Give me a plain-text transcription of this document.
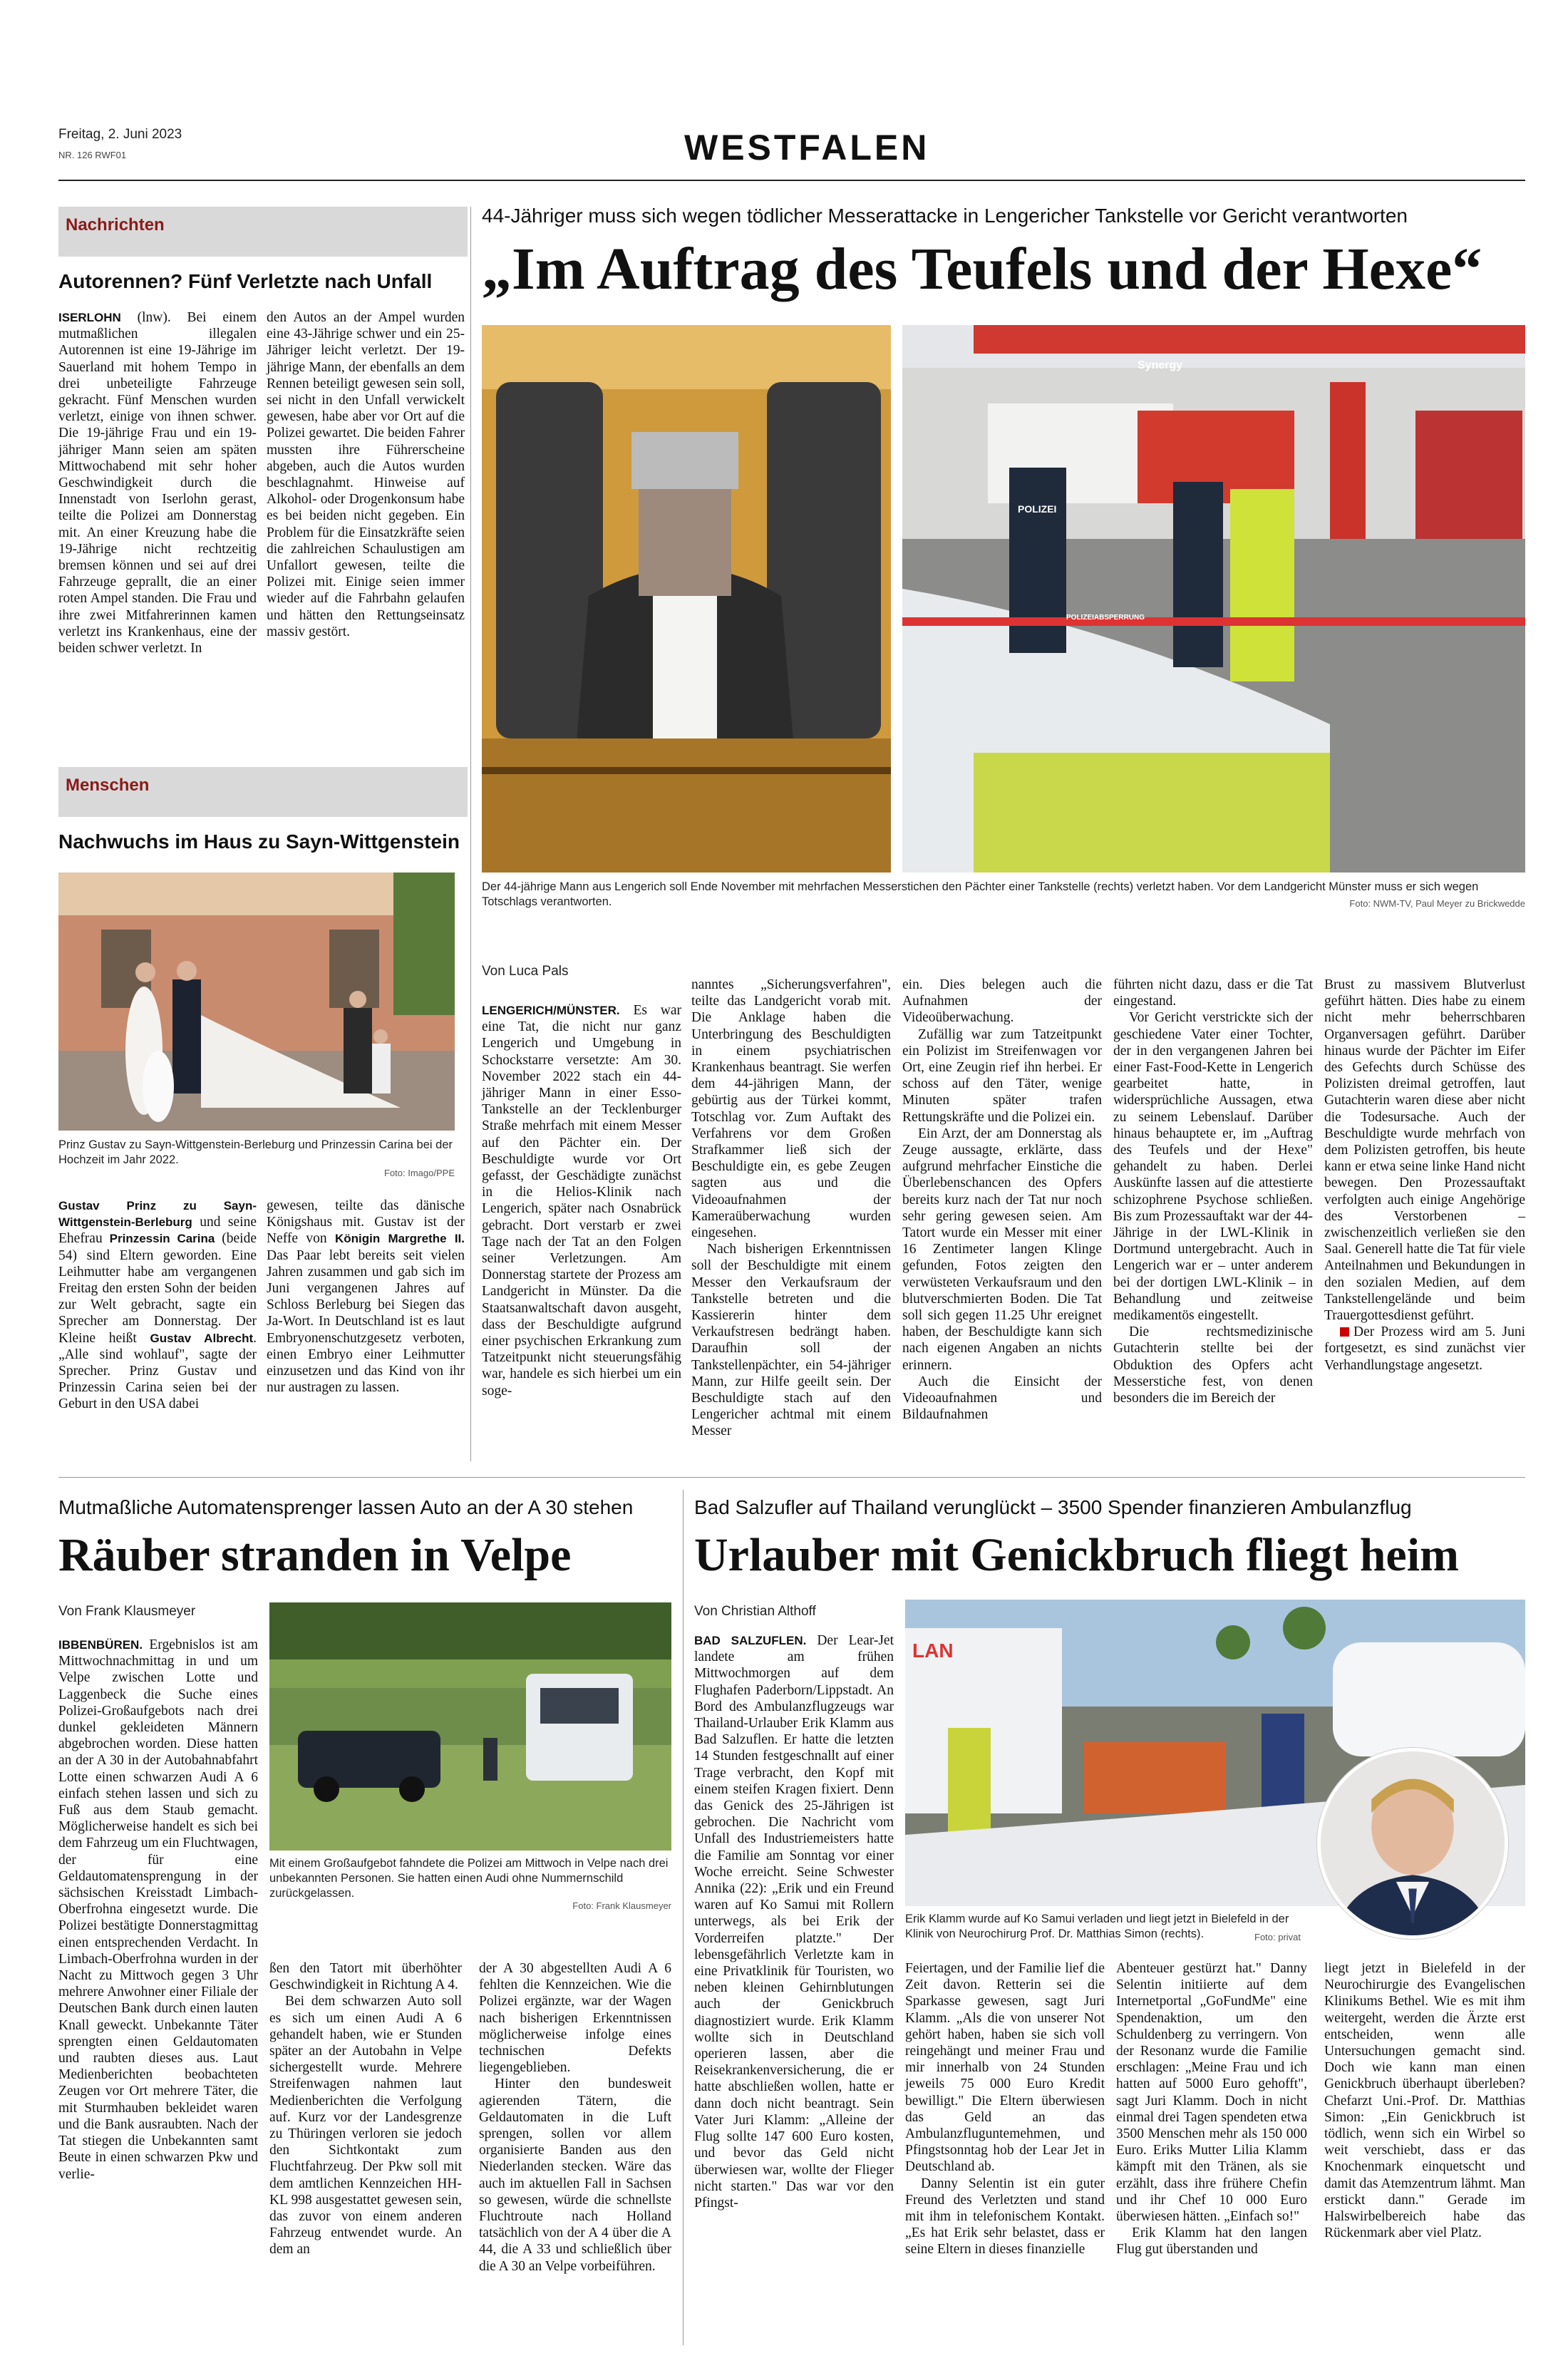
Freitag, 2. Juni 2023
NR. 126 RWF01	WESTFALEN
Nachrichten
Autorennen? Fünf Verletzte nach Unfall

ISERLOHN (lnw). Bei einem mutmaßlichen illegalen Autorennen ist eine 19-Jährige im Sauerland mit hohem Tempo in drei unbeteiligte Fahrzeuge gekracht. Fünf Menschen wurden verletzt, einige von ihnen schwer. Die 19-jährige Frau und ein 19-jähriger Mann seien am späten Mittwochabend mit sehr hoher Geschwindigkeit durch die Innenstadt von Iserlohn gerast, teilte die Polizei am Donnerstag mit. An einer Kreuzung habe die 19-Jährige nicht rechtzeitig bremsen können und sei auf drei Fahrzeuge geprallt, die an einer roten Ampel standen. Die Frau und ihre zwei Mitfahrerinnen kamen verletzt ins Krankenhaus, eine der beiden schwer verletzt. In

den Autos an der Ampel wurden eine 43-Jährige schwer und ein 25-Jähriger leicht verletzt. Der 19-jährige Mann, der ebenfalls an dem Rennen beteiligt gewesen sein soll, sei nicht in den Unfall verwickelt gewesen, habe aber vor Ort auf die Polizei gewartet. Die beiden Fahrer mussten ihre Führerscheine abgeben, auch die Autos wurden beschlagnahmt. Hinweise auf Alkohol- oder Drogenkonsum habe es bei beiden nicht gegeben. Ein Problem für die Einsatzkräfte seien die zahlreichen Schaulustigen am Unfallort gewesen, teilte die Polizei mit. Einige seien immer wieder auf die Fahrbahn gelaufen und hätten den Rettungseinsatz massiv gestört.
Menschen
Nachwuchs im Haus zu Sayn-Wittgenstein
Prinz Gustav zu Sayn-Wittgenstein-Berleburg und Prinzessin Carina bei der Hochzeit im Jahr 2022.
Foto: Imago/PPE

Gustav Prinz zu Sayn-Wittgenstein-Berleburg und seine Ehefrau Prinzessin Carina (beide 54) sind Eltern geworden. Eine Leihmutter habe am vergangenen Freitag den ersten Sohn der beiden zur Welt gebracht, sagte ein Sprecher am Donnerstag. Der Kleine heißt Gustav Albrecht. „Alle sind wohlauf", sagte der Sprecher. Prinz Gustav und Prinzessin Carina seien bei der Geburt in den USA dabei

gewesen, teilte das dänische Königshaus mit. Gustav ist der Neffe von Königin Margrethe II. Das Paar lebt bereits seit vielen Jahren zusammen und gab sich im Juni vergangenen Jahres auf Schloss Berleburg bei Siegen das Ja-Wort. In Deutschland ist es laut Embryonenschutzgesetz verboten, einen Embryo einer Leihmutter einzusetzen und das Kind von ihr nur austragen zu lassen.

44-Jähriger muss sich wegen tödlicher Messerattacke in Lengericher Tankstelle vor Gericht verantworten
„Im Auftrag des Teufels und der Hexe“
Synergy
POLIZEI
POLIZEIABSPERRUNG
Der 44-jährige Mann aus Lengerich soll Ende November mit mehrfachen Messerstichen den Pächter einer Tankstelle (rechts) verletzt haben. Vor dem Landgericht Münster muss er sich wegen Totschlags verantworten.	Foto: NWM-TV, Paul Meyer zu Brickwedde
Von Luca Pals

LENGERICH/MÜNSTER. Es war eine Tat, die nicht nur ganz Lengerich und Umgebung in Schockstarre versetzte: Am 30. November 2022 stach ein 44-jähriger Mann in einer Esso-Tankstelle an der Tecklenburger Straße mehrfach mit einem Messer auf den Pächter ein. Der Beschuldigte wurde vor Ort gefasst, der Geschädigte zunächst in die Helios-Klinik nach Lengerich, später nach Osnabrück gebracht. Dort verstarb er zwei Tage nach der Tat an den Folgen seiner Verletzungen. Am Donnerstag startete der Prozess am Landgericht in Münster. Da die Staatsanwaltschaft davon ausgeht, dass der Beschuldigte aufgrund einer psychischen Erkrankung zum Tatzeitpunkt nicht steuerungsfähig war, handele es sich hierbei um ein soge-

nanntes „Sicherungsverfahren", teilte das Landgericht vorab mit. Die Anklage haben die Unterbringung des Beschuldigten in einem psychiatrischen Krankenhaus beantragt. Sie werfen dem 44-jährigen Mann, der gebürtig aus der Türkei kommt, Totschlag vor. Zum Auftakt des Verfahrens vor dem Großen Strafkammer ließ sich der Beschuldigte ein, es gebe Zeugen sagten aus und die Videoaufnahmen der Kameraüberwachung wurden eingesehen.

Nach bisherigen Erkenntnissen soll der Beschuldigte mit einem Messer den Verkaufsraum der Tankstelle betreten und die Kassiererin hinter dem Verkaufstresen bedrängt haben. Daraufhin soll der Tankstellenpächter, ein 54-jähriger Mann, zur Hilfe geeilt sein. Der Beschuldigte stach auf den Lengericher achtmal mit einem Messer

ein. Dies belegen auch die Aufnahmen der Videoüberwachung.

Zufällig war zum Tatzeitpunkt ein Polizist im Streifenwagen vor Ort, eine Zeugin rief ihn herbei. Er schoss auf den Täter, wenige Minuten später trafen Rettungskräfte und die Polizei ein.

Ein Arzt, der am Donnerstag als Zeuge aussagte, erklärte, dass aufgrund mehrfacher Einstiche die Überlebenschancen des Opfers bereits kurz nach der Tat nur noch sehr gering gewesen seien. Am Tatort wurde ein Messer mit einer 16 Zentimeter langen Klinge gefunden, Fotos zeigten den verwüsteten Verkaufsraum und den blutverschmierten Boden. Die Tat soll sich gegen 11.25 Uhr ereignet haben, der Beschuldigte kann sich nach eigenen Angaben an nichts erinnern.

Auch die Einsicht der Videoaufnahmen und Bildaufnahmen

führten nicht dazu, dass er die Tat eingestand.

Vor Gericht verstrickte sich der geschiedene Vater einer Tochter, der in den vergangenen Jahren bei einer Fast-Food-Kette in Lengerich gearbeitet hatte, in widersprüchliche Aussagen, etwa zu seinem Lebenslauf. Darüber hinaus behauptete er, im „Auftrag des Teufels und der Hexe" gehandelt zu haben. Derlei Auskünfte lassen auf die attestierte schizophrene Psychose schließen. Bis zum Prozessauftakt war der 44-Jährige in der LWL-Klinik in Dortmund untergebracht. Auch in Lengerich war er – unter anderem bei der dortigen LWL-Klinik – in Behandlung und zeitweise medikamentös eingestellt.

Die rechtsmedizinische Gutachterin stellte bei der Obduktion des Opfers acht Messerstiche fest, von denen besonders die im Bereich der

Brust zu massivem Blutverlust geführt hätten. Dies habe zu einem nicht mehr beherrschbaren Organversagen geführt. Darüber hinaus wurde der Pächter im Eifer des Gefechts durch Schüsse des Polizisten dreimal getroffen, laut Gutachterin waren diese aber nicht die Todesursache. Auch der Beschuldigte wurde mehrfach von dem Polizisten getroffen, bis heute kann er etwa seine linke Hand nicht bewegen. Den Prozessauftakt verfolgten auch einige Angehörige des Verstorbenen – zwischenzeitlich verließen sie den Saal. Generell hatte die Tat für viele Anteilnahmen und Bekundungen in den sozialen Medien, auf dem Tankstellengelände und beim Trauergottesdienst geführt.

Der Prozess wird am 5. Juni fortgesetzt, es sind zunächst vier Verhandlungstage angesetzt.

Mutmaßliche Automatensprenger lassen Auto an der A 30 stehen
Räuber stranden in Velpe
Von Frank Klausmeyer
Mit einem Großaufgebot fahndete die Polizei am Mittwoch in Velpe nach drei unbekannten Personen. Sie hatten einen Audi ohne Nummernschild zurückgelassen.
Foto: Frank Klausmeyer

IBBENBÜREN. Ergebnislos ist am Mittwochnachmittag in und um Velpe zwischen Lotte und Laggenbeck die Suche eines Polizei-Großaufgebots nach drei dunkel gekleideten Männern abgebrochen worden. Diese hatten an der A 30 in der Autobahnabfahrt Lotte einen schwarzen Audi A 6 einfach stehen lassen und sich zu Fuß aus dem Staub gemacht. Möglicherweise handelt es sich bei dem Fahrzeug um ein Fluchtwagen, der für eine Geldautomatensprengung in der sächsischen Kreisstadt Limbach-Oberfrohna eingesetzt wurde. Die Polizei bestätigte Donnerstagmittag einen entsprechenden Verdacht. In Limbach-Oberfrohna wurden in der Nacht zu Mittwoch gegen 3 Uhr mehrere Anwohner einer Filiale der Deutschen Bank durch einen lauten Knall geweckt. Unbekannte Täter sprengten einen Geldautomaten und raubten dieses aus. Laut Medienberichten beobachteten Zeugen vor Ort mehrere Täter, die mit Sturmhauben bekleidet waren und die Bank ausraubten. Nach der Tat stiegen die Unbekannten samt Beute in einen schwarzen Pkw und verlie-

ßen den Tatort mit überhöhter Geschwindigkeit in Richtung A 4.

Bei dem schwarzen Auto soll es sich um einen Audi A 6 gehandelt haben, wie er Stunden später an der Autobahn in Velpe sichergestellt wurde. Mehrere Streifenwagen nahmen laut Medienberichten die Verfolgung auf. Kurz vor der Landesgrenze zu Thüringen verloren sie jedoch den Sichtkontakt zum Fluchtfahrzeug. Der Pkw soll mit dem amtlichen Kennzeichen HH-KL 998 ausgestattet gewesen sein, das zuvor von einem anderen Fahrzeug entwendet wurde. An dem an

der A 30 abgestellten Audi A 6 fehlten die Kennzeichen. Wie die Polizei ergänzte, war der Wagen nach bisherigen Erkenntnissen möglicherweise infolge eines technischen Defekts liegengeblieben.

Hinter den bundesweit agierenden Tätern, die Geldautomaten in die Luft sprengen, sollen vor allem organisierte Banden aus den Niederlanden stecken. Wäre das auch im aktuellen Fall in Sachsen so gewesen, würde die schnellste Fluchtroute nach Holland tatsächlich von der A 4 über die A 44, die A 33 und schließlich über die A 30 an Velpe vorbeiführen.

Bad Salzufler auf Thailand verunglückt – 3500 Spender finanzieren Ambulanzflug
Urlauber mit Genickbruch fliegt heim
Von Christian Althoff
LAN
Erik Klamm wurde auf Ko Samui verladen und liegt jetzt in Bielefeld in der Klinik von Neurochirurg Prof. Dr. Matthias Simon (rechts).	Foto: privat

BAD SALZUFLEN. Der Lear-Jet landete am frühen Mittwochmorgen auf dem Flughafen Paderborn/Lippstadt. An Bord des Ambulanzflugzeugs war Thailand-Urlauber Erik Klamm aus Bad Salzuflen. Er hatte die letzten 14 Stunden festgeschnallt auf einer Trage verbracht, den Kopf mit einem steifen Kragen fixiert. Denn das Genick des 25-Jährigen ist gebrochen. Die Nachricht vom Unfall des Industriemeisters hatte die Familie am Sonntag vor einer Woche erreicht. Seine Schwester Annika (22): „Erik und ein Freund waren auf Ko Samui mit Rollern unterwegs, als bei Erik der Vorderreifen platzte." Der lebensgefährlich Verletzte kam in eine Privatklinik für Touristen, wo neben kleinen Gehirnblutungen auch der Genickbruch diagnostiziert wurde. Erik Klamm wollte sich in Deutschland operieren lassen, aber die Reisekrankenversicherung, die er hatte abschließen wollen, hatte er dann doch nicht beantragt. Sein Vater Juri Klamm: „Alleine der Flug sollte 147 600 Euro kosten, und bevor das Geld nicht überwiesen war, wollte der Flieger nicht starten." Das war vor den Pfingst-

Feiertagen, und der Familie lief die Zeit davon. Retterin sei die Sparkasse gewesen, sagt Juri Klamm. „Als die von unserer Not gehört haben, haben sie sich voll reingehängt und meiner Frau und mir innerhalb von 24 Stunden jeweils 75 000 Euro Kredit bewilligt." Die Eltern überwiesen das Geld an das Ambulanzfluguntemehmen, und Pfingstsonntag hob der Lear Jet in Deutschland ab.

Danny Selentin ist ein guter Freund des Verletzten und stand mit ihm in telefonischem Kontakt. „Es hat Erik sehr belastet, dass er seine Eltern in dieses finanzielle

Abenteuer gestürzt hat." Danny Selentin initiierte auf dem Internetportal „GoFundMe" eine Spendenaktion, um den Schuldenberg zu verringern. Von der Resonanz wurde die Familie erschlagen: „Meine Frau und ich hatten auf 5000 Euro gehofft", sagt Juri Klamm. Doch in nicht einmal drei Tagen spendeten etwa 3500 Menschen mehr als 150 000 Euro. Eriks Mutter Lilia Klamm kämpft mit den Tränen, als sie erzählt, dass ihre frühere Chefin und ihr Chef 10 000 Euro überwiesen hätten. „Einfach so!"

Erik Klamm hat den langen Flug gut überstanden und

liegt jetzt in Bielefeld in der Neurochirurgie des Evangelischen Klinikums Bethel. Wie es mit ihm weitergeht, werden die Ärzte erst entscheiden, wenn alle Untersuchungen gemacht sind. Doch wie kann man einen Genickbruch überhaupt überleben? Chefarzt Uni.-Prof. Dr. Matthias Simon: „Ein Genickbruch ist tödlich, wenn sich ein Wirbel so weit verschiebt, dass er das Knochenmark einquetscht und damit das Atemzentrum lähmt. Man erstickt dann." Gerade im Halswirbelbereich habe das Rückenmark aber viel Platz.
